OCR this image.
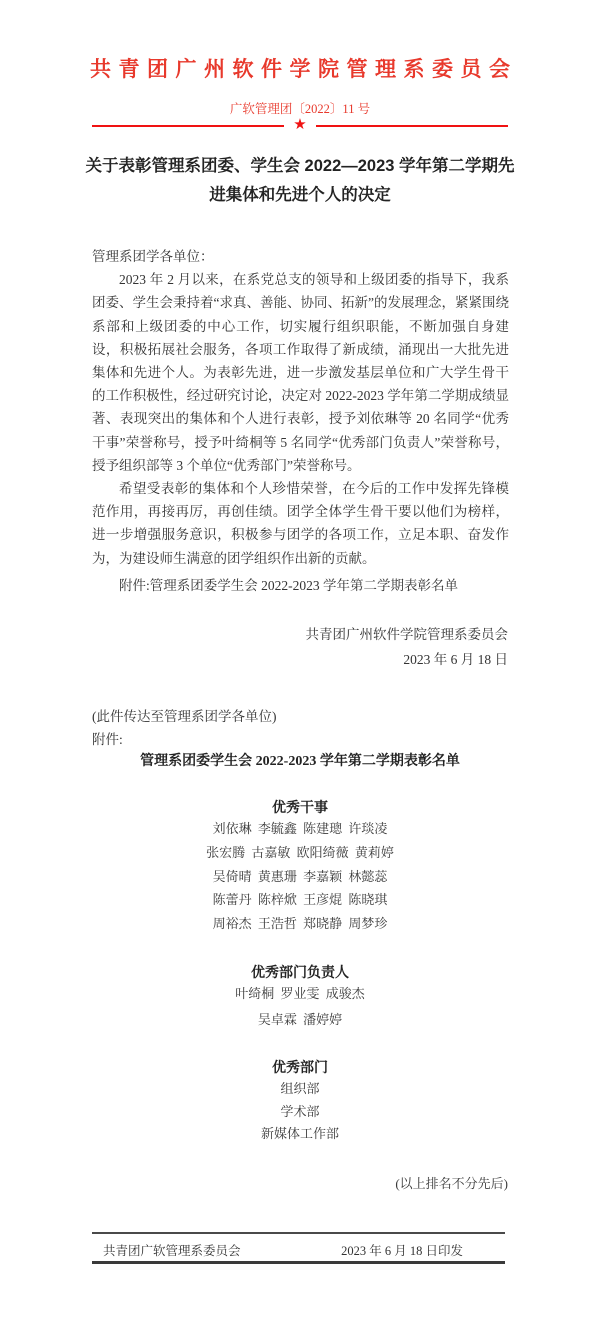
共青团广州软件学院管理系委员会
广软管理团〔2022〕11 号
★
关于表彰管理系团委、学生会 2022—2023 学年第二学期先进集体和先进个人的决定

管理系团学各单位：

2023 年 2 月以来，在系党总支的领导和上级团委的指导下，我系团委、学生会秉持着“求真、善能、协同、拓新”的发展理念，紧紧围绕系部和上级团委的中心工作，切实履行组织职能，不断加强自身建设，积极拓展社会服务，各项工作取得了新成绩，涌现出一大批先进集体和先进个人。为表彰先进，进一步激发基层单位和广大学生骨干的工作积极性，经过研究讨论，决定对 2022-2023 学年第二学期成绩显著、表现突出的集体和个人进行表彰，授予刘依琳等 20 名同学“优秀干事”荣誉称号，授予叶绮桐等 5 名同学“优秀部门负责人”荣誉称号，授予组织部等 3 个单位“优秀部门”荣誉称号。

希望受表彰的集体和个人珍惜荣誉，在今后的工作中发挥先锋模范作用，再接再厉，再创佳绩。团学全体学生骨干要以他们为榜样，进一步增强服务意识，积极参与团学的各项工作，立足本职、奋发作为，为建设师生满意的团学组织作出新的贡献。

附件:管理系团委学生会 2022-2023 学年第二学期表彰名单
共青团广州软件学院管理系委员会
2023 年 6 月 18 日
(此件传达至管理系团学各单位)
附件:
管理系团委学生会 2022-2023 学年第二学期表彰名单
优秀干事
刘依琳 李毓鑫 陈建璁 许琰凌
张宏腾 古嘉敏 欧阳绮薇 黄莉婷
吴倚晴 黄惠珊 李嘉颖 林懿蕊
陈蕾丹 陈梓焮 王彦焜 陈晓琪
周裕杰 王浩哲 郑晓静 周梦珍
优秀部门负责人
叶绮桐 罗业雯 成骏杰
吴卓霖 潘婷婷
优秀部门
组织部
学术部
新媒体工作部
(以上排名不分先后)
共青团广软管理系委员会	2023 年 6 月 18 日印发
